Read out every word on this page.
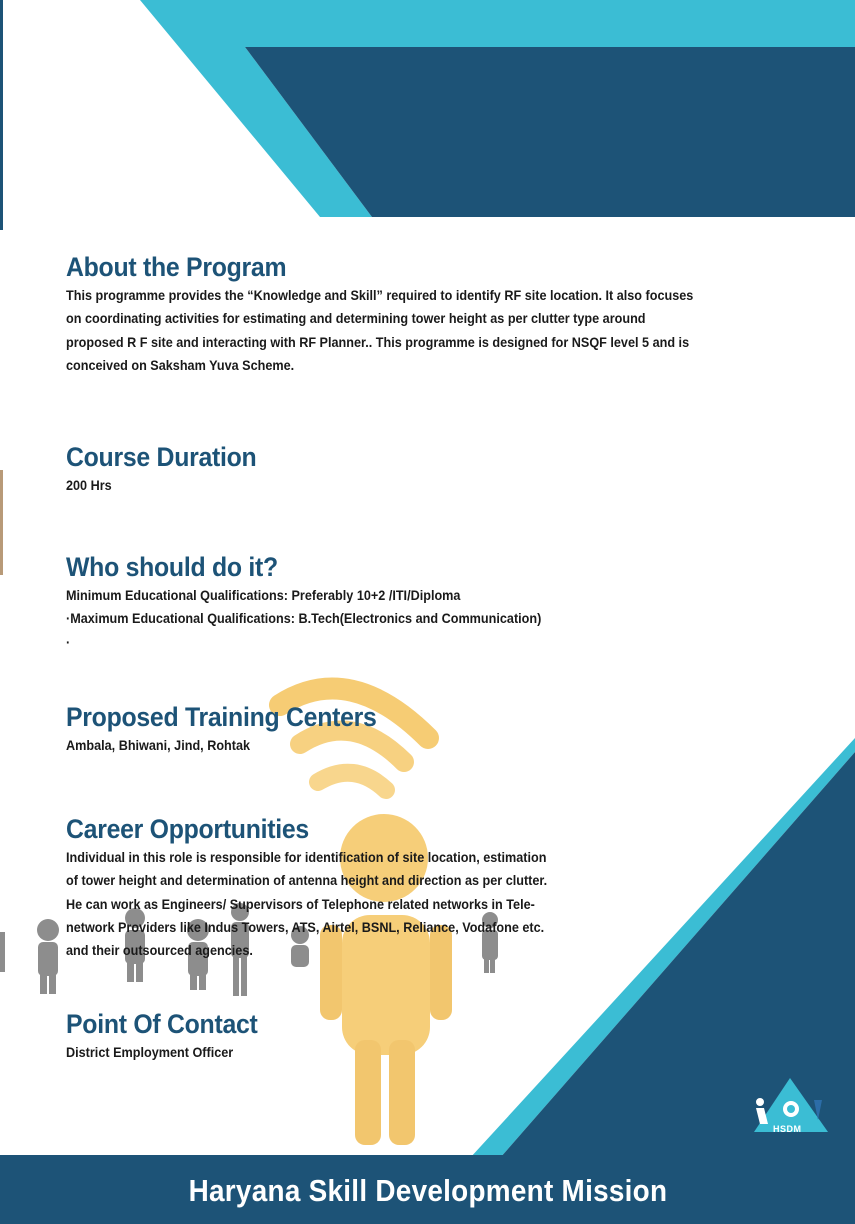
About the Program

This programme provides the “Knowledge and Skill” required to identify RF site location. It also focuses
on coordinating activities for estimating and determining tower height as per clutter type around
proposed R F site and interacting with RF Planner.. This programme is designed for NSQF level 5 and is
conceived on Saksham Yuva Scheme.

Course Duration

200 Hrs

Who should do it?

Minimum Educational Qualifications: Preferably 10+2 /ITI/Diploma
·Maximum Educational Qualifications: B.Tech(Electronics and Communication)
·

Proposed Training Centers

Ambala, Bhiwani, Jind, Rohtak

Career Opportunities

Individual in this role is responsible for identification of site location, estimation
of tower height and determination of antenna height and direction as per clutter.
He can work as Engineers/ Supervisors of Telephone related networks in Tele-
network Providers like Indus Towers, ATS, Airtel, BSNL, Reliance, Vodafone etc.
and their outsourced agencies.

Point Of Contact

District Employment Officer

HSDM
Haryana Skill Development Mission
